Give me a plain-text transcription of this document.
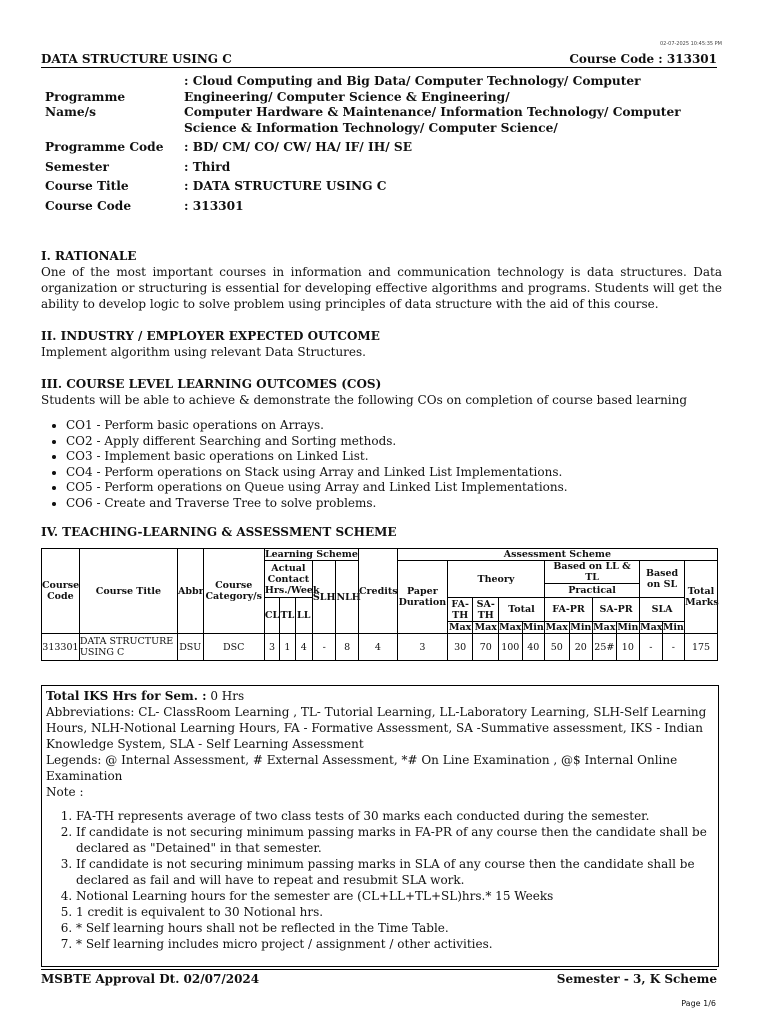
02-07-2025 10:45:35 PM
DATA STRUCTURE USING C	Course Code : 313301
Programme Name/s	: Cloud Computing and Big Data/ Computer Technology/ Computer Engineering/ Computer Science & Engineering/
Computer Hardware & Maintenance/ Information Technology/ Computer Science & Information Technology/ Computer Science/
Programme Code	: BD/ CM/ CO/ CW/ HA/ IF/ IH/ SE
Semester	: Third
Course Title	: DATA STRUCTURE USING C
Course Code	: 313301

I. RATIONALE

One of the most important courses in information and communication technology is data structures. Data organization or structuring is essential for developing effective algorithms and programs. Students will get the ability to develop logic to solve problem using principles of data structure with the aid of this course.

II. INDUSTRY / EMPLOYER EXPECTED OUTCOME

Implement algorithm using relevant Data Structures.

III. COURSE LEVEL LEARNING OUTCOMES (COS)

Students will be able to achieve & demonstrate the following COs on completion of course based learning

• CO1 - Perform basic operations on Arrays.
• CO2 - Apply different Searching and Sorting methods.
• CO3 - Implement basic operations on Linked List.
• CO4 - Perform operations on Stack using Array and Linked List Implementations.
• CO5 - Perform operations on Queue using Array and Linked List Implementations.
• CO6 - Create and Traverse Tree to solve problems.

IV. TEACHING-LEARNING & ASSESSMENT SCHEME

Course Code	Course Title	Abbr	Course Category/s	Learning Scheme					Credits	Assessment Scheme											
				Actual Contact Hrs./Week			SLH	NLH		Paper Duration	Theory				Based on LL & TL				Based on SL		Total Marks
															Practical						
				CL	TL	LL					FA-TH	SA-TH	Total		FA-PR		SA-PR		SLA		
											Max	Max	Max	Min	Max	Min	Max	Min	Max	Min	
313301	DATA STRUCTURE USING C	DSU	DSC	3	1	4	-	8	4	3	30	70	100	40	50	20	25#	10	-	-	175

Total IKS Hrs for Sem. : 0 Hrs

Abbreviations: CL- ClassRoom Learning , TL- Tutorial Learning, LL-Laboratory Learning, SLH-Self Learning Hours, NLH-Notional Learning Hours, FA - Formative Assessment, SA -Summative assessment, IKS - Indian Knowledge System, SLA - Self Learning Assessment

Legends: @ Internal Assessment, # External Assessment, *# On Line Examination , @$ Internal Online Examination

Note :

1. FA-TH represents average of two class tests of 30 marks each conducted during the semester.
2. If candidate is not securing minimum passing marks in FA-PR of any course then the candidate shall be declared as "Detained" in that semester.
3. If candidate is not securing minimum passing marks in SLA of any course then the candidate shall be declared as fail and will have to repeat and resubmit SLA work.
4. Notional Learning hours for the semester are (CL+LL+TL+SL)hrs.* 15 Weeks
5. 1 credit is equivalent to 30 Notional hrs.
6. * Self learning hours shall not be reflected in the Time Table.
7. * Self learning includes micro project / assignment / other activities.
MSBTE Approval Dt. 02/07/2024	Semester - 3, K Scheme
Page 1/6
